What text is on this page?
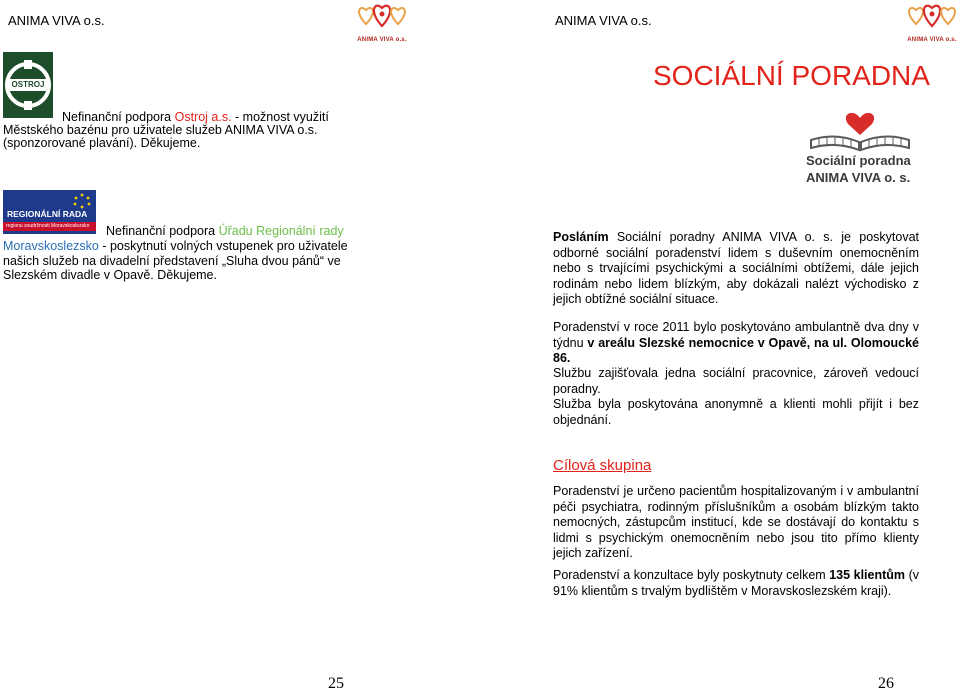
ANIMA VIVA o.s.
ANIMA VIVA o.s.
ANIMA VIVA o.s.
ANIMA VIVA o.s.
OSTROJ
Nefinanční podpora Ostroj a.s. - možnost využití
Městského bazénu pro uživatele služeb ANIMA VIVA o.s.
(sponzorované plavání). Děkujeme.
REGIONÁLNÍ RADA
regionu soudržnosti Moravskoslezsko Nefinanční podpora Úřadu Regionální rady
Moravskoslezsko - poskytnutí volných vstupenek pro uživatele
našich služeb na divadelní představení „Sluha dvou pánů“ ve
Slezském divadle v Opavě. Děkujeme.
SOCIÁLNÍ PORADNA
Sociální poradna
ANIMA VIVA o. s.
Posláním Sociální poradny ANIMA VIVA o. s. je poskytovat odborné sociální poradenství lidem s duševním onemocněním nebo s trvajícími psychickými a sociálními obtížemi, dále jejich rodinám nebo lidem blízkým, aby dokázali nalézt východisko z jejich obtížné sociální situace.
Poradenství v roce 2011 bylo poskytováno ambulantně dva dny v týdnu v areálu Slezské nemocnice v Opavě, na ul. Olomoucké 86.
Službu zajišťovala jedna sociální pracovnice, zároveň vedoucí poradny.
Služba byla poskytována anonymně a klienti mohli přijít i bez objednání.
Cílová skupina
Poradenství je určeno pacientům hospitalizovaným i v ambulantní péči psychiatra, rodinným příslušníkům a osobám blízkým takto nemocných, zástupcům institucí, kde se dostávají do kontaktu s lidmi s psychickým onemocněním nebo jsou tito přímo klienty jejich zařízení.
Poradenství a konzultace byly poskytnuty celkem 135 klientům (v 91% klientům s trvalým bydlištěm v Moravskoslezském kraji).
25	26
